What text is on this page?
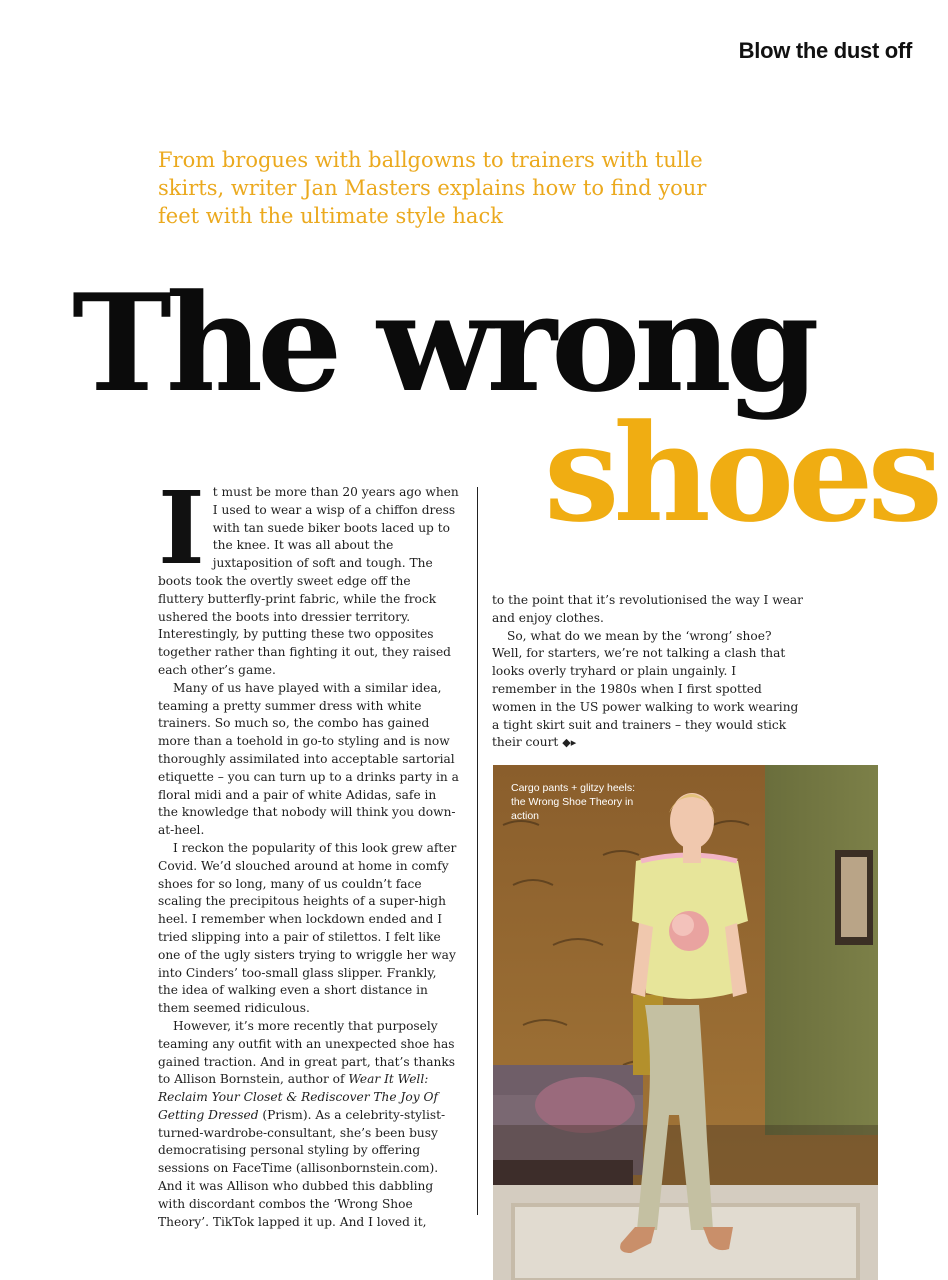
Blow the dust off
From brogues with ballgowns to trainers with tulle skirts, writer Jan Masters explains how to find your feet with the ultimate style hack
The wrong
shoes

It must be more than 20 years ago when I used to wear a wisp of a chiffon dress with tan suede biker boots laced up to the knee. It was all about the juxtaposition of soft and tough. The boots took the overtly sweet edge off the fluttery butterfly-print fabric, while the frock ushered the boots into dressier territory. Interestingly, by putting these two opposites together rather than fighting it out, they raised each other’s game.

Many of us have played with a similar idea, teaming a pretty summer dress with white trainers. So much so, the combo has gained more than a toehold in go-to styling and is now thoroughly assimilated into acceptable sartorial etiquette – you can turn up to a drinks party in a floral midi and a pair of white Adidas, safe in the knowledge that nobody will think you down-at-heel.

I reckon the popularity of this look grew after Covid. We’d slouched around at home in comfy shoes for so long, many of us couldn’t face scaling the precipitous heights of a super-high heel. I remember when lockdown ended and I tried slipping into a pair of stilettos. I felt like one of the ugly sisters trying to wriggle her way into Cinders’ too-small glass slipper. Frankly, the idea of walking even a short distance in them seemed ridiculous.

However, it’s more recently that purposely teaming any outfit with an unexpected shoe has gained traction. And in great part, that’s thanks to Allison Bornstein, author of Wear It Well: Reclaim Your Closet & Rediscover The Joy Of Getting Dressed (Prism). As a celebrity-stylist-turned-wardrobe-consultant, she’s been busy democratising personal styling by offering sessions on FaceTime (allisonbornstein.com). And it was Allison who dubbed this dabbling with discordant combos the ‘Wrong Shoe Theory’. TikTok lapped it up. And I loved it,

to the point that it’s revolutionised the way I wear and enjoy clothes.

So, what do we mean by the ‘wrong’ shoe? Well, for starters, we’re not talking a clash that looks overly tryhard or plain ungainly. I remember in the 1980s when I first spotted women in the US power walking to work wearing a tight skirt suit and trainers – they would stick their court ◆▸

Cargo pants + glitzy heels: the Wrong Shoe Theory in action
